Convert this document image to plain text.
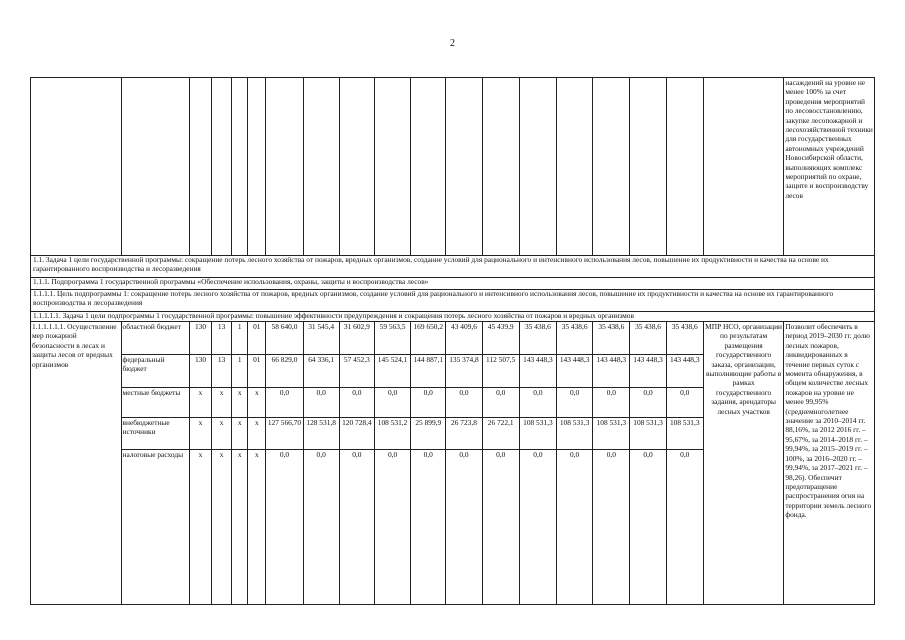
2
																			насаждений на уровне не менее 100% за счет проведения мероприятий по лесовосстановлению, закупке лесопожарной и лесохозяйственной техники для государственных автономных учреждений Новосибирской области, выполняющих комплекс мероприятий по охране, защите и воспроизводству лесов
1.1. Задача 1 цели государственной программы: сокращение потерь лесного хозяйства от пожаров, вредных организмов, создание условий для рационального и интенсивного использования лесов, повышение их продуктивности и качества на основе их гарантированного воспроизводства и лесоразведения																			
1.1.1. Подпрограмма 1 государственной программы «Обеспечение использования, охраны, защиты и воспроизводства лесов»																			
1.1.1.1. Цель подпрограммы 1: сокращение потерь лесного хозяйства от пожаров, вредных организмов, создание условий для рационального и интенсивного использования лесов, повышение их продуктивности и качества на основе их гарантированного воспроизводства и лесоразведения																			
1.1.1.1.1. Задача 1 цели подпрограммы 1 государственной программы: повышение эффективности предупреждения и сокращения потерь лесного хозяйства от пожаров и вредных организмов																			
1.1.1.1.1.1. Осуществление мер пожарной безопасности в лесах и защиты лесов от вредных организмов	областной бюджет	130	13	1	01	58 640,0	31 545,4	31 602,9	59 563,5	169 650,2	43 409,6	45 439,9	35 438,6	35 438,6	35 438,6	35 438,6	35 438,6	МПР НСО, организации по результатам размещения государственного заказа, организации, выполняющие работы в рамках государственного задания, арендаторы лесных участков	Позволит обеспечить в период 2019–2030 гг. долю лесных пожаров, ликвидированных в течение первых суток с момента обнаружения, в общем количестве лесных пожаров на уровне не менее 99,95% (среднемноголетнее значение за 2010–2014 гг. 88,16%, за 2012 2016 гг. – 95,67%, за 2014–2018 гг. – 99,94%, за 2015–2019 гг. – 100%, за 2016–2020 гг. – 99,94%, за 2017–2021 гг. – 98,26). Обеспечит предотвращение распространения огня на территории земель лесного фонда.
	федеральный бюджет	130	13	1	01	66 829,0	64 336,1	57 452,3	145 524,1	144 887,1	135 374,8	112 507,5	143 448,3	143 448,3	143 448,3	143 448,3	143 448,3		
	местные бюджеты	х	х	х	х	0,0	0,0	0,0	0,0	0,0	0,0	0,0	0,0	0,0	0,0	0,0	0,0		
	внебюджетные источники	х	х	х	х	127 566,70	128 531,8	120 728,4	108 531,2	25 899,9	26 723,8	26 722,1	108 531,3	108 531,3	108 531,3	108 531,3	108 531,3		
	налоговые расходы	х	х	х	х	0,0	0,0	0,0	0,0	0,0	0,0	0,0	0,0	0,0	0,0	0,0	0,0		
